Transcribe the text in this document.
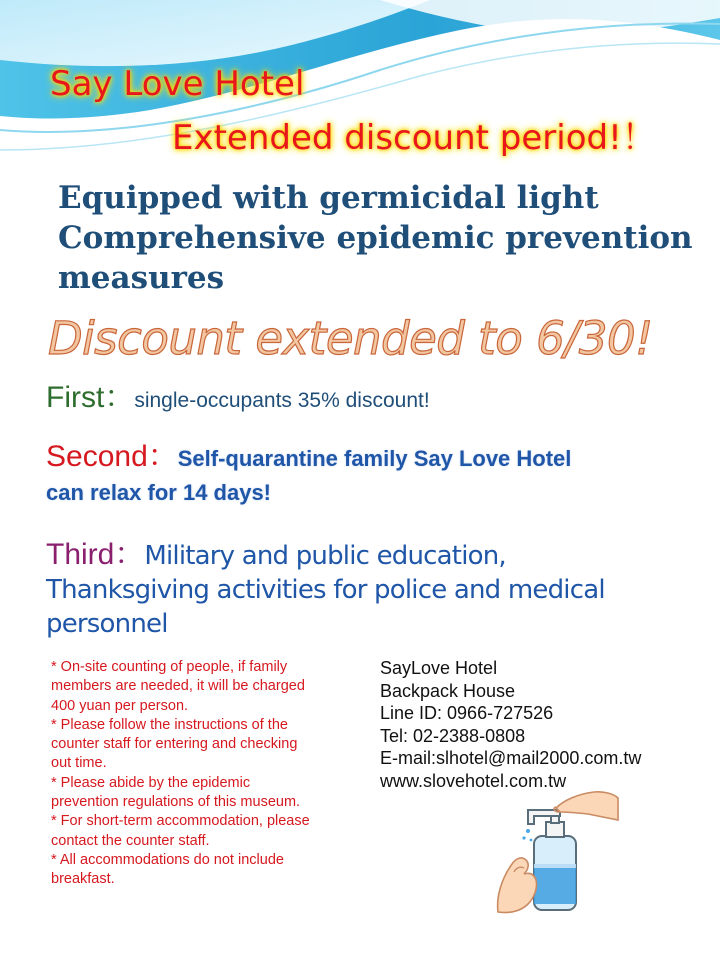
Say Love Hotel
Extended discount period!！
Equipped with germicidal light
Comprehensive epidemic prevention
measures
Discount extended to 6/30!
First：single-occupants 35% discount!
Second：Self-quarantine family Say Love Hotel
can relax for 14 days!
Third：Military and public education,
Thanksgiving activities for police and medical
personnel
* On-site counting of people, if family
members are needed, it will be charged
400 yuan per person.
* Please follow the instructions of the
counter staff for entering and checking
out time.
* Please abide by the epidemic
prevention regulations of this museum.
* For short-term accommodation, please
contact the counter staff.
* All accommodations do not include
breakfast.
SayLove Hotel
Backpack House
Line ID: 0966-727526
Tel: 02-2388-0808
E-mail:slhotel@mail2000.com.tw
www.slovehotel.com.tw
